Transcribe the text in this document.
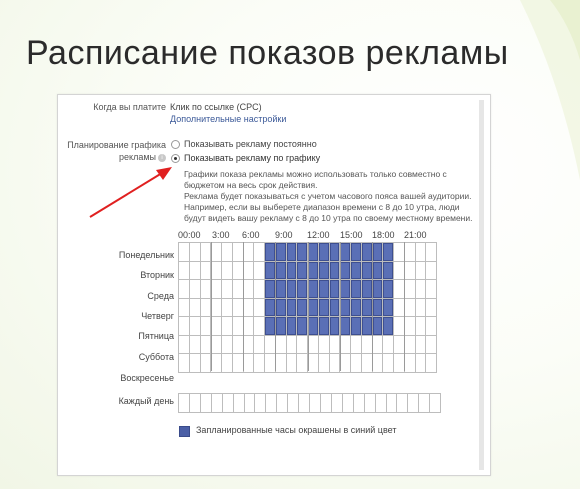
Расписание показов рекламы
Когда вы платите Клик по ссылке (CPC)
Дополнительные настройки
Планирование графика
рекламы i
Показывать рекламу постоянно
Показывать рекламу по графику
Графики показа рекламы можно использовать только совместно с
бюджетом на весь срок действия.
Реклама будет показываться с учетом часового пояса вашей аудитории.
Например, если вы выберете диапазон времени с 8 до 10 утра, люди
будут видеть вашу рекламу с 8 до 10 утра по своему местному времени.
00:00 3:00 6:00 9:00 12:00 15:00 18:00 21:00
Понедельник
Вторник
Среда
Четверг
Пятница
Суббота
Воскресенье
Каждый день
Запланированные часы окрашены в синий цвет
